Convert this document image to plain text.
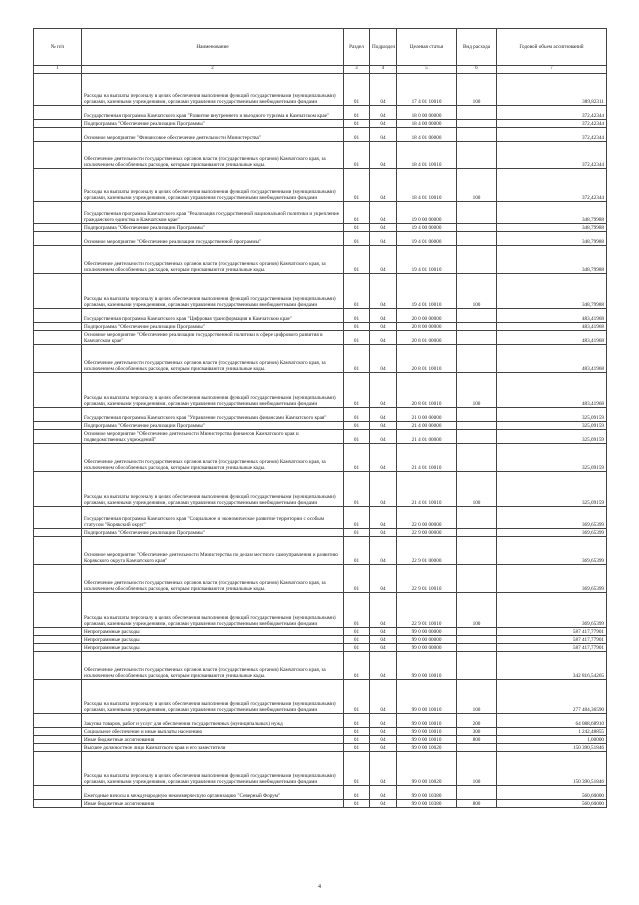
№ п/п	Наименование	Раздел	Подраздел	Целевая статья	Вид расхода	Годовой объем ассигнований
1	2	3	4	5	6	7
	Расходы на выплаты персоналу в целях обеспечения выполнения функций государственными (муниципальными) органами, казенными учреждениями, органами управления государственными внебюджетными фондами	01	04	17 4 01 10010	100	389,82311
	Государственная программа Камчатского края "Развитие внутреннего и въездного туризма в Камчатском крае"	01	04	18 0 00 00000		372,42344
	Подпрограмма "Обеспечение реализации Программы"	01	04	18 4 00 00000		372,42344
	Основное мероприятие "Финансовое обеспечение деятельности Министерства"	01	04	18 4 01 00000		372,42344
	Обеспечение деятельности государственных органов власти (государственных органов) Камчатского края, за исключением обособленных расходов, которым присваиваются уникальные коды.	01	04	18 4 01 10010		372,42344
	Расходы на выплаты персоналу в целях обеспечения выполнения функций государственными (муниципальными) органами, казенными учреждениями, органами управления государственными внебюджетными фондами	01	04	18 4 01 10010	100	372,42344
	Государственная программа Камчатского края "Реализация государственной национальной политики и укрепление гражданского единства в Камчатском крае"	01	04	19 0 00 00000		348,79988
	Подпрограмма "Обеспечение реализации Программы"	01	04	19 4 00 00000		348,79988
	Основное мероприятие "Обеспечение реализации государственной программы"	01	04	19 4 01 00000		348,79988
	Обеспечение деятельности государственных органов власти (государственных органов) Камчатского края, за исключением обособленных расходов, которым присваиваются уникальные коды.	01	04	19 4 01 10010		348,79988
	Расходы на выплаты персоналу в целях обеспечения выполнения функций государственными (муниципальными) органами, казенными учреждениями, органами управления государственными внебюджетными фондами	01	04	19 4 01 10010	100	348,79988
	Государственная программа Камчатского края "Цифровая трансформация в Камчатском крае"	01	04	20 0 00 00000		483,41968
	Подпрограмма "Обеспечение реализации Программы"	01	04	20 8 00 00000		483,41968
	Основное мероприятие "Обеспечение реализации государственной политики в сфере цифрового развития в Камчатском крае"	01	04	20 8 01 00000		483,41968
	Обеспечение деятельности государственных органов власти (государственных органов) Камчатского края, за исключением обособленных расходов, которым присваиваются уникальные коды.	01	04	20 8 01 10010		483,41968
	Расходы на выплаты персоналу в целях обеспечения выполнения функций государственными (муниципальными) органами, казенными учреждениями, органами управления государственными внебюджетными фондами	01	04	20 8 01 10010	100	483,41968
	Государственная программа Камчатского края "Управление государственными финансами Камчатского края"	01	04	21 0 00 00000		325,09159
	Подпрограмма "Обеспечение реализации Программы"	01	04	21 4 00 00000		325,09159
	Основное мероприятие "Обеспечение деятельности Министерства финансов Камчатского края и подведомственных учреждений"	01	04	21 4 01 00000		325,09159
	Обеспечение деятельности государственных органов власти (государственных органов) Камчатского края, за исключением обособленных расходов, которым присваиваются уникальные коды.	01	04	21 4 01 10010		325,09159
	Расходы на выплаты персоналу в целях обеспечения выполнения функций государственными (муниципальными) органами, казенными учреждениями, органами управления государственными внебюджетными фондами	01	04	21 4 01 10010	100	325,09159
	Государственная программа Камчатского края "Социальное и экономическое развитие территории с особым статусом "Корякский округ"	01	04	22 0 00 00000		369,65399
	Подпрограмма "Обеспечение реализации Программы"	01	04	22 9 00 00000		369,65399
	Основное мероприятие "Обеспечение деятельности Министерства по делам местного самоуправления и развитию Корякского округа Камчатского края"	01	04	22 9 01 00000		369,65399
	Обеспечение деятельности государственных органов власти (государственных органов) Камчатского края, за исключением обособленных расходов, которым присваиваются уникальные коды.	01	04	22 9 01 10010		369,65399
	Расходы на выплаты персоналу в целях обеспечения выполнения функций государственными (муниципальными) органами, казенными учреждениями, органами управления государственными внебюджетными фондами	01	04	22 9 01 10010	100	369,65399
	Непрограммные расходы	01	04	99 0 00 00000		587 417,77901
	Непрограммные расходы	01	04	99 0 00 00000		587 417,77901
	Непрограммные расходы	01	04	99 0 00 00000		587 417,77901
	Обеспечение деятельности государственных органов власти (государственных органов) Камчатского края, за исключением обособленных расходов, которым присваиваются уникальные коды.	01	04	99 0 00 10010		342 816,54265
	Расходы на выплаты персоналу в целях обеспечения выполнения функций государственными (муниципальными) органами, казенными учреждениями, органами управления государственными внебюджетными фондами	01	04	99 0 00 10010	100	277 484,36590
	Закупка товаров, работ и услуг для обеспечения государственных (муниципальных) нужд	01	04	99 0 00 10010	200	64 088,68910
	Социальное обеспечение и иные выплаты населению	01	04	99 0 00 10010	300	1 242,48855
	Иные бюджетные ассигнования	01	04	99 0 00 10010	800	1,00000
	Высшее должностное лицо Камчатского края и его заместители	01	04	99 0 00 10020		150 390,51846
	Расходы на выплаты персоналу в целях обеспечения выполнения функций государственными (муниципальными) органами, казенными учреждениями, органами управления государственными внебюджетными фондами	01	04	99 0 00 10020	100	150 390,51846
	Ежегодные взносы в международную некоммерческую организацию "Северный Форум"	01	04	99 0 00 10380		560,60000
	Иные бюджетные ассигнования	01	04	99 0 00 10380	800	560,60000
4
